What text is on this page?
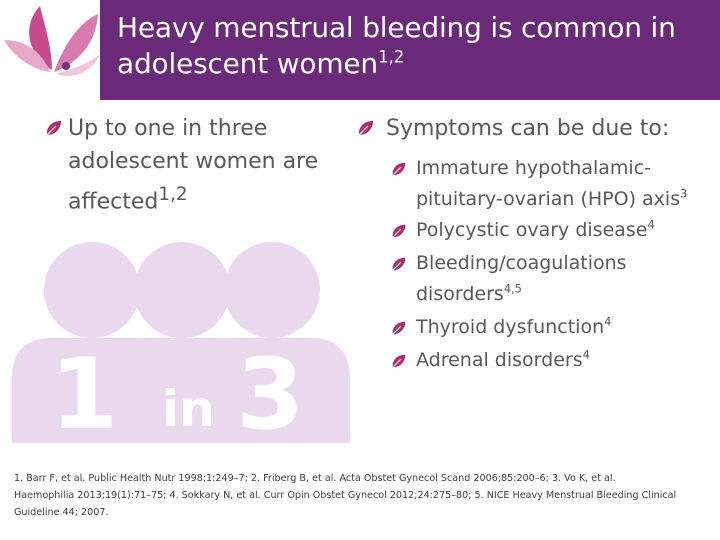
Heavy menstrual bleeding is common in
adolescent women$^{1,2}$
1 in 3
Up to one in three
adolescent women are
affected$^{1,2}$
Symptoms can be due to:
Immature hypothalamic-
pituitary-ovarian (HPO) axis$^3$
Polycystic ovary disease$^4$
Bleeding/coagulations
disorders$^{4,5}$
Thyroid dysfunction$^4$
Adrenal disorders$^4$
1. Barr F, et al. Public Health Nutr 1998;1:249–7; 2. Friberg B, et al. Acta Obstet Gynecol Scand 2006;85:200–6; 3. Vo K, et al.
Haemophilia 2013;19(1):71–75; 4. Sokkary N, et al. Curr Opin Obstet Gynecol 2012;24:275–80; 5. NICE Heavy Menstrual Bleeding Clinical
Guideline 44; 2007.
